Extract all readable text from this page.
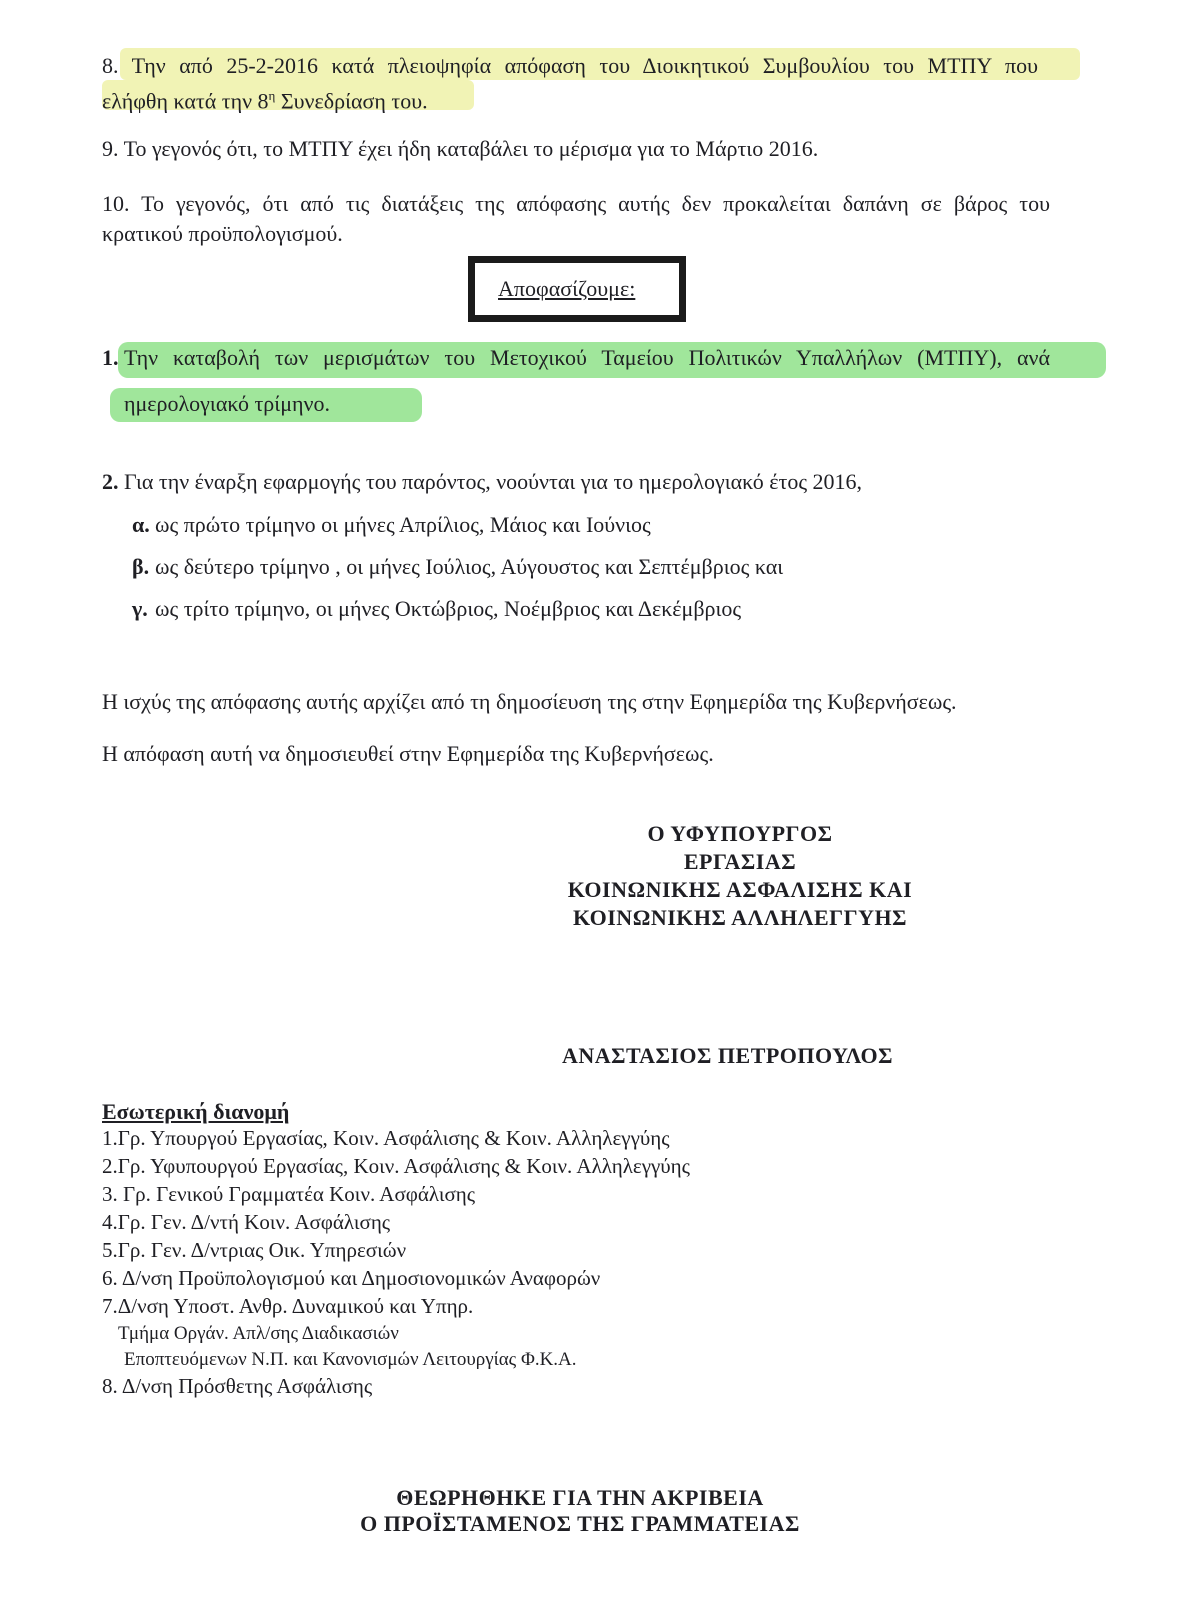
8. Την από 25-2-2016 κατά πλειοψηφία απόφαση του Διοικητικού Συμβουλίου του ΜΤΠΥ που
ελήφθη κατά την $8^\eta$ Συνεδρίαση του.
9. Το γεγονός ότι, το ΜΤΠΥ έχει ήδη καταβάλει το μέρισμα για το Μάρτιο 2016.
10. Το γεγονός, ότι από τις διατάξεις της απόφασης αυτής δεν προκαλείται δαπάνη σε βάρος του
κρατικού προϋπολογισμού.
Αποφασίζουμε:
1. Την καταβολή των μερισμάτων του Μετοχικού Ταμείου Πολιτικών Υπαλλήλων (ΜΤΠΥ), ανά
ημερολογιακό τρίμηνο.
2. Για την έναρξη εφαρμογής του παρόντος, νοούνται για το ημερολογιακό έτος 2016,
α. ως πρώτο τρίμηνο οι μήνες Απρίλιος, Μάιος και Ιούνιος
β. ως δεύτερο τρίμηνο , οι μήνες Ιούλιος, Αύγουστος και Σεπτέμβριος και
γ. ως τρίτο τρίμηνο, οι μήνες Οκτώβριος, Νοέμβριος και Δεκέμβριος
Η ισχύς της απόφασης αυτής αρχίζει από τη δημοσίευση της στην Εφημερίδα της Κυβερνήσεως.
Η απόφαση αυτή να δημοσιευθεί στην Εφημερίδα της Κυβερνήσεως.
Ο ΥΦΥΠΟΥΡΓΟΣ
ΕΡΓΑΣΙΑΣ
ΚΟΙΝΩΝΙΚΗΣ ΑΣΦΑΛΙΣΗΣ ΚΑΙ
ΚΟΙΝΩΝΙΚΗΣ ΑΛΛΗΛΕΓΓΥΗΣ
ΑΝΑΣΤΑΣΙΟΣ ΠΕΤΡΟΠΟΥΛΟΣ
Εσωτερική διανομή
1.Γρ. Υπουργού Εργασίας, Κοιν. Ασφάλισης & Κοιν. Αλληλεγγύης
2.Γρ. Υφυπουργού Εργασίας, Κοιν. Ασφάλισης & Κοιν. Αλληλεγγύης
3. Γρ. Γενικού Γραμματέα Κοιν. Ασφάλισης
4.Γρ. Γεν. Δ/ντή Κοιν. Ασφάλισης
5.Γρ. Γεν. Δ/ντριας Οικ. Υπηρεσιών
6. Δ/νση Προϋπολογισμού και Δημοσιονομικών Αναφορών
7.Δ/νση Υποστ. Ανθρ. Δυναμικού και Υπηρ.
Τμήμα Οργάν. Απλ/σης Διαδικασιών
Εποπτευόμενων Ν.Π. και Κανονισμών Λειτουργίας Φ.Κ.Α.
8. Δ/νση Πρόσθετης Ασφάλισης
ΘΕΩΡΗΘΗΚΕ ΓΙΑ ΤΗΝ ΑΚΡΙΒΕΙΑ
Ο ΠΡΟΪΣΤΑΜΕΝΟΣ ΤΗΣ ΓΡΑΜΜΑΤΕΙΑΣ
